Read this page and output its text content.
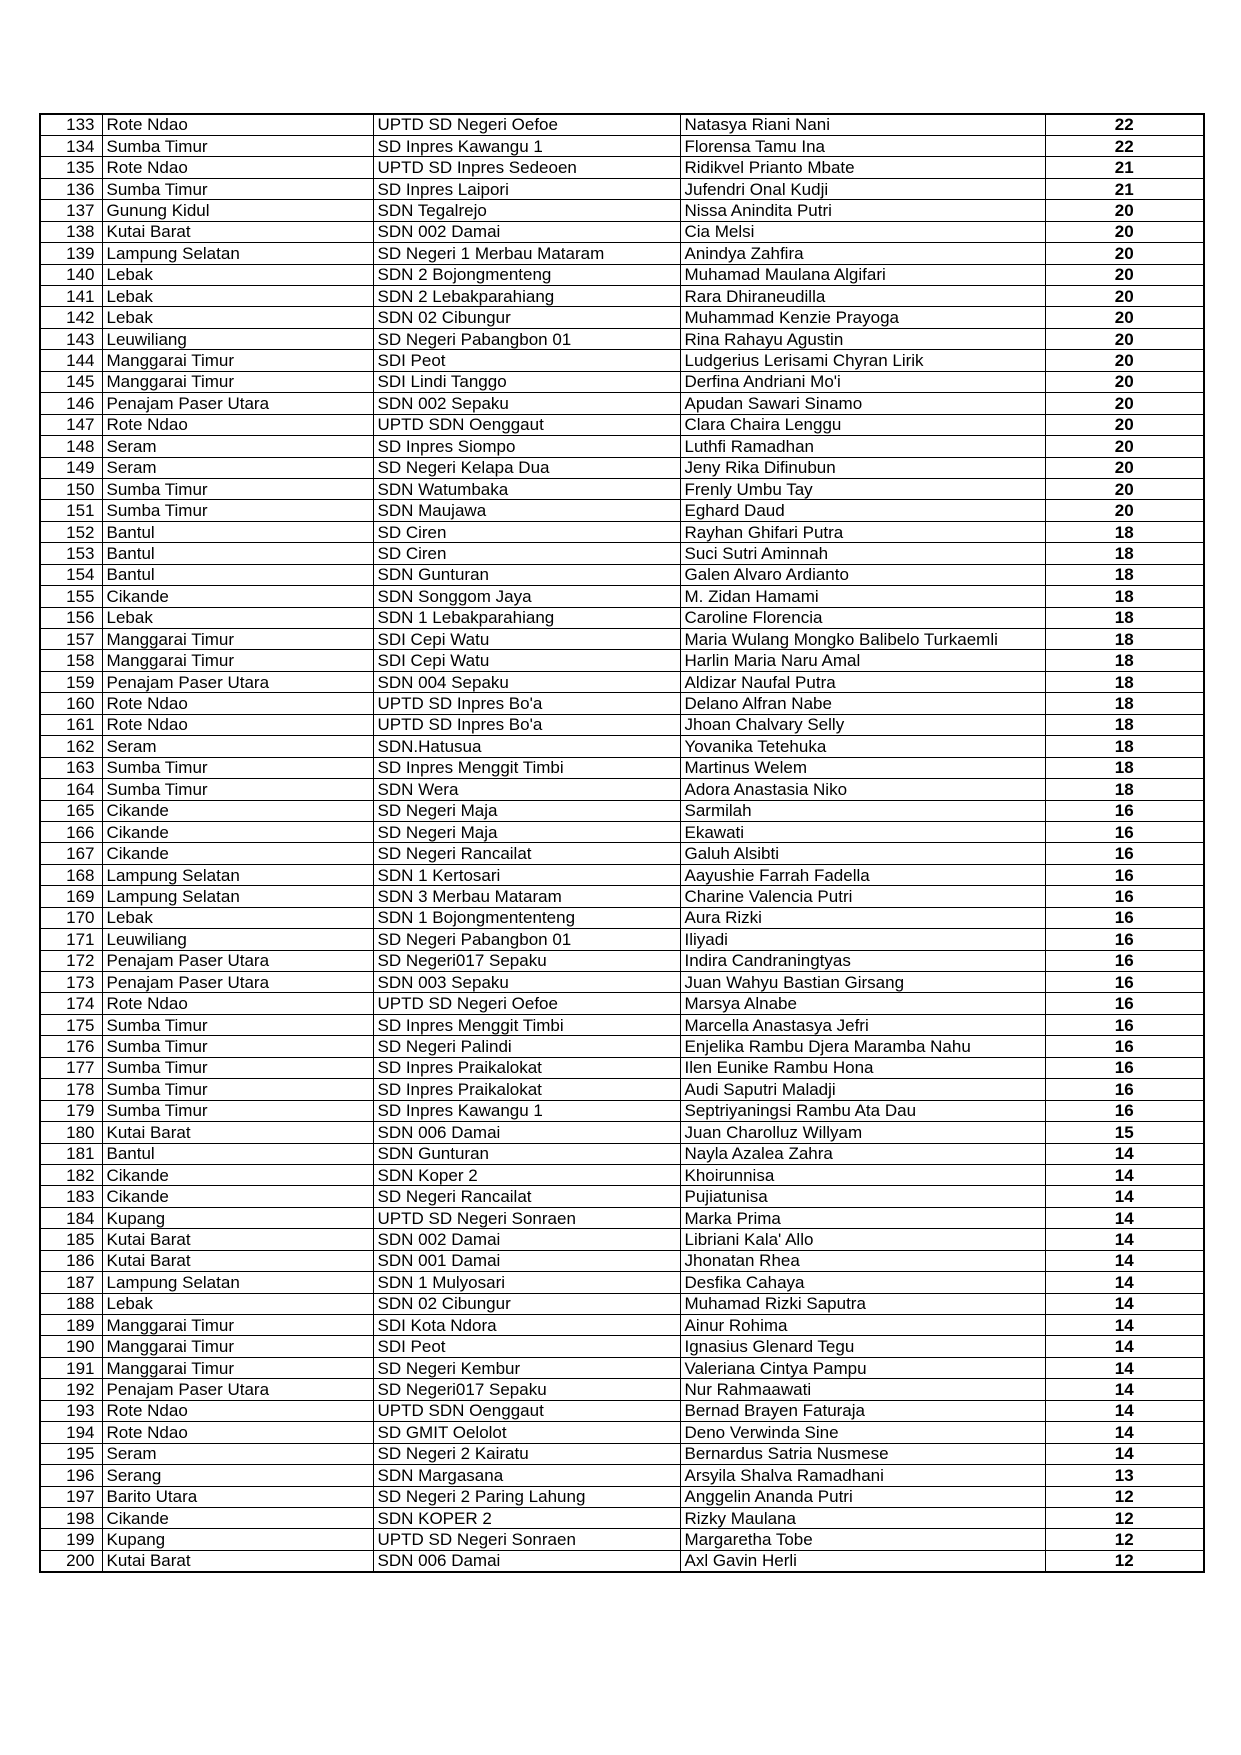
133	Rote Ndao	UPTD SD Negeri Oefoe	Natasya Riani Nani	22
134	Sumba Timur	SD Inpres Kawangu 1	Florensa Tamu Ina	22
135	Rote Ndao	UPTD SD Inpres Sedeoen	Ridikvel Prianto Mbate	21
136	Sumba Timur	SD Inpres Laipori	Jufendri Onal Kudji	21
137	Gunung Kidul	SDN Tegalrejo	Nissa Anindita Putri	20
138	Kutai Barat	SDN 002 Damai	Cia Melsi	20
139	Lampung Selatan	SD Negeri 1 Merbau Mataram	Anindya Zahfira	20
140	Lebak	SDN 2 Bojongmenteng	Muhamad Maulana Algifari	20
141	Lebak	SDN 2 Lebakparahiang	Rara Dhiraneudilla	20
142	Lebak	SDN 02 Cibungur	Muhammad Kenzie Prayoga	20
143	Leuwiliang	SD Negeri Pabangbon 01	Rina Rahayu Agustin	20
144	Manggarai Timur	SDI Peot	Ludgerius Lerisami Chyran Lirik	20
145	Manggarai Timur	SDI Lindi Tanggo	Derfina Andriani Mo'i	20
146	Penajam Paser Utara	SDN 002 Sepaku	Apudan Sawari Sinamo	20
147	Rote Ndao	UPTD SDN Oenggaut	Clara Chaira Lenggu	20
148	Seram	SD Inpres Siompo	Luthfi Ramadhan	20
149	Seram	SD Negeri Kelapa Dua	Jeny Rika Difinubun	20
150	Sumba Timur	SDN Watumbaka	Frenly Umbu Tay	20
151	Sumba Timur	SDN Maujawa	Eghard Daud	20
152	Bantul	SD Ciren	Rayhan Ghifari Putra	18
153	Bantul	SD Ciren	Suci Sutri Aminnah	18
154	Bantul	SDN Gunturan	Galen Alvaro Ardianto	18
155	Cikande	SDN Songgom Jaya	M. Zidan Hamami	18
156	Lebak	SDN 1 Lebakparahiang	Caroline Florencia	18
157	Manggarai Timur	SDI Cepi Watu	Maria Wulang Mongko Balibelo Turkaemli	18
158	Manggarai Timur	SDI Cepi Watu	Harlin Maria Naru Amal	18
159	Penajam Paser Utara	SDN 004 Sepaku	Aldizar Naufal Putra	18
160	Rote Ndao	UPTD SD Inpres Bo'a	Delano Alfran Nabe	18
161	Rote Ndao	UPTD SD Inpres Bo'a	Jhoan Chalvary Selly	18
162	Seram	SDN.Hatusua	Yovanika Tetehuka	18
163	Sumba Timur	SD Inpres Menggit Timbi	Martinus Welem	18
164	Sumba Timur	SDN Wera	Adora Anastasia Niko	18
165	Cikande	SD Negeri Maja	Sarmilah	16
166	Cikande	SD Negeri Maja	Ekawati	16
167	Cikande	SD Negeri Rancailat	Galuh Alsibti	16
168	Lampung Selatan	SDN 1 Kertosari	Aayushie Farrah Fadella	16
169	Lampung Selatan	SDN 3 Merbau Mataram	Charine Valencia Putri	16
170	Lebak	SDN 1 Bojongmententeng	Aura Rizki	16
171	Leuwiliang	SD Negeri Pabangbon 01	Iliyadi	16
172	Penajam Paser Utara	SD Negeri017 Sepaku	Indira Candraningtyas	16
173	Penajam Paser Utara	SDN 003 Sepaku	Juan Wahyu Bastian Girsang	16
174	Rote Ndao	UPTD SD Negeri Oefoe	Marsya Alnabe	16
175	Sumba Timur	SD Inpres Menggit Timbi	Marcella Anastasya Jefri	16
176	Sumba Timur	SD Negeri Palindi	Enjelika Rambu Djera Maramba Nahu	16
177	Sumba Timur	SD Inpres Praikalokat	Ilen Eunike Rambu Hona	16
178	Sumba Timur	SD Inpres Praikalokat	Audi Saputri Maladji	16
179	Sumba Timur	SD Inpres Kawangu 1	Septriyaningsi Rambu Ata Dau	16
180	Kutai Barat	SDN 006 Damai	Juan Charolluz Willyam	15
181	Bantul	SDN Gunturan	Nayla Azalea Zahra	14
182	Cikande	SDN Koper 2	Khoirunnisa	14
183	Cikande	SD Negeri Rancailat	Pujiatunisa	14
184	Kupang	UPTD SD Negeri Sonraen	Marka Prima	14
185	Kutai Barat	SDN 002 Damai	Libriani Kala' Allo	14
186	Kutai Barat	SDN 001 Damai	Jhonatan Rhea	14
187	Lampung Selatan	SDN 1 Mulyosari	Desfika Cahaya	14
188	Lebak	SDN 02 Cibungur	Muhamad Rizki Saputra	14
189	Manggarai Timur	SDI Kota Ndora	Ainur Rohima	14
190	Manggarai Timur	SDI Peot	Ignasius Glenard Tegu	14
191	Manggarai Timur	SD Negeri Kembur	Valeriana Cintya Pampu	14
192	Penajam Paser Utara	SD Negeri017 Sepaku	Nur Rahmaawati	14
193	Rote Ndao	UPTD SDN Oenggaut	Bernad Brayen Faturaja	14
194	Rote Ndao	SD GMIT Oelolot	Deno Verwinda Sine	14
195	Seram	SD Negeri 2 Kairatu	Bernardus Satria Nusmese	14
196	Serang	SDN Margasana	Arsyila Shalva Ramadhani	13
197	Barito Utara	SD Negeri 2 Paring Lahung	Anggelin Ananda Putri	12
198	Cikande	SDN KOPER 2	Rizky Maulana	12
199	Kupang	UPTD SD Negeri Sonraen	Margaretha Tobe	12
200	Kutai Barat	SDN 006 Damai	Axl Gavin Herli	12
